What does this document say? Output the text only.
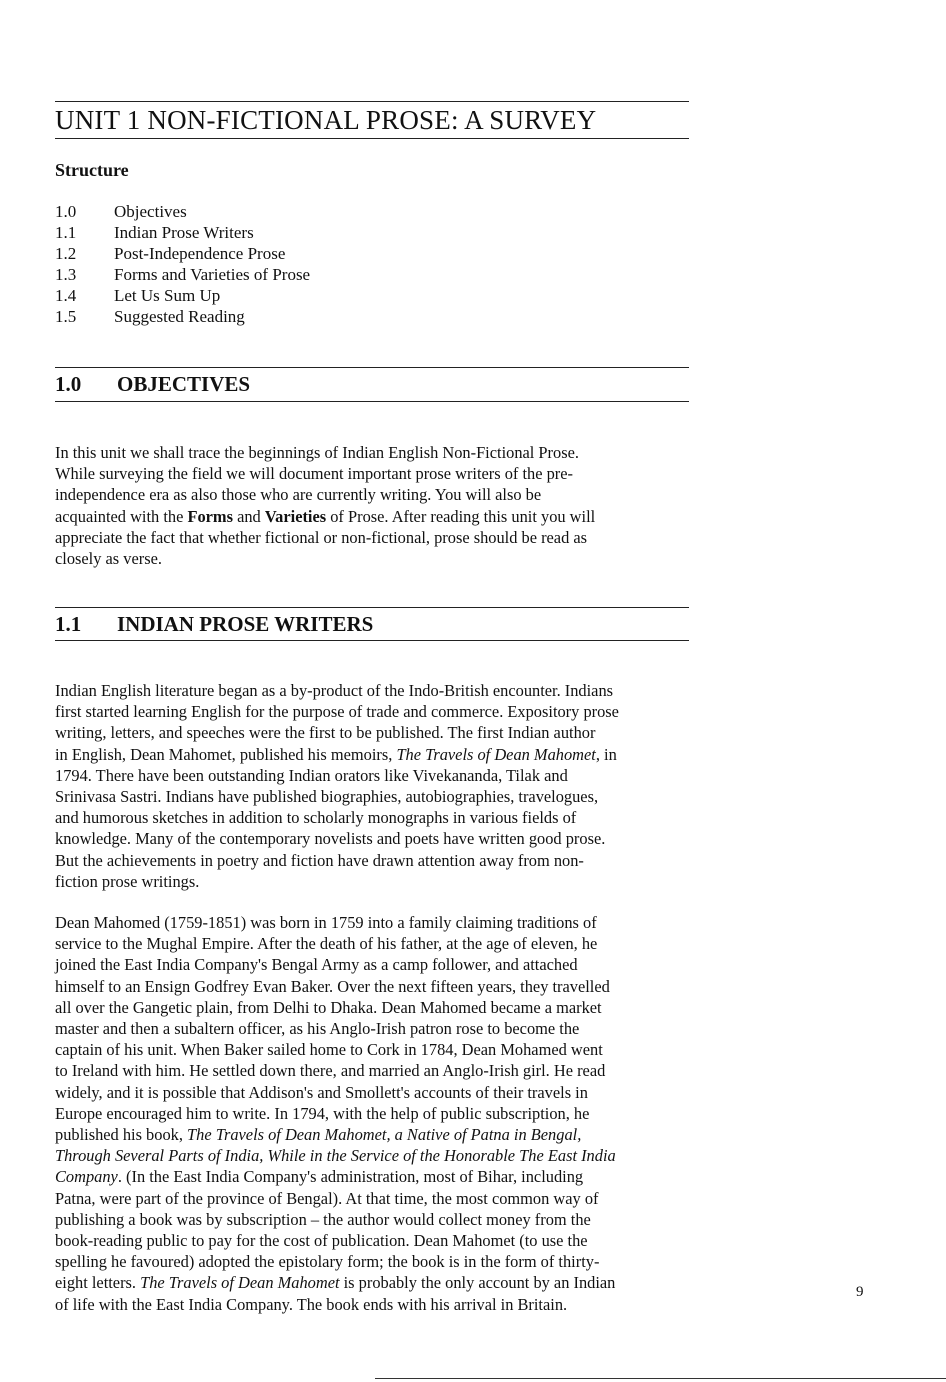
UNIT 1 NON-FICTIONAL PROSE: A SURVEY
Structure
1.0	Objectives
1.1	Indian Prose Writers
1.2	Post-Independence Prose
1.3	Forms and Varieties of Prose
1.4	Let Us Sum Up
1.5	Suggested Reading
1.0	OBJECTIVES
In this unit we shall trace the beginnings of Indian English Non-Fictional Prose.
While surveying the field we will document important prose writers of the pre-
independence era as also those who are currently writing. You will also be
acquainted with the Forms and Varieties of Prose. After reading this unit you will
appreciate the fact that whether fictional or non-fictional, prose should be read as
closely as verse.
1.1	INDIAN PROSE WRITERS
Indian English literature began as a by-product of the Indo-British encounter. Indians
first started learning English for the purpose of trade and commerce. Expository prose
writing, letters, and speeches were the first to be published. The first Indian author
in English, Dean Mahomet, published his memoirs, The Travels of Dean Mahomet, in
1794. There have been outstanding Indian orators like Vivekananda, Tilak and
Srinivasa Sastri. Indians have published biographies, autobiographies, travelogues,
and humorous sketches in addition to scholarly monographs in various fields of
knowledge. Many of the contemporary novelists and poets have written good prose.
But the achievements in poetry and fiction have drawn attention away from non-
fiction prose writings.
Dean Mahomed (1759-1851) was born in 1759 into a family claiming traditions of
service to the Mughal Empire. After the death of his father, at the age of eleven, he
joined the East India Company's Bengal Army as a camp follower, and attached
himself to an Ensign Godfrey Evan Baker. Over the next fifteen years, they travelled
all over the Gangetic plain, from Delhi to Dhaka. Dean Mahomed became a market
master and then a subaltern officer, as his Anglo-Irish patron rose to become the
captain of his unit. When Baker sailed home to Cork in 1784, Dean Mohamed went
to Ireland with him. He settled down there, and married an Anglo-Irish girl. He read
widely, and it is possible that Addison's and Smollett's accounts of their travels in
Europe encouraged him to write. In 1794, with the help of public subscription, he
published his book, The Travels of Dean Mahomet, a Native of Patna in Bengal,
Through Several Parts of India, While in the Service of the Honorable The East India
Company. (In the East India Company's administration, most of Bihar, including
Patna, were part of the province of Bengal). At that time, the most common way of
publishing a book was by subscription – the author would collect money from the
book-reading public to pay for the cost of publication. Dean Mahomet (to use the
spelling he favoured) adopted the epistolary form; the book is in the form of thirty-
eight letters. The Travels of Dean Mahomet is probably the only account by an Indian
of life with the East India Company. The book ends with his arrival in Britain.
9
